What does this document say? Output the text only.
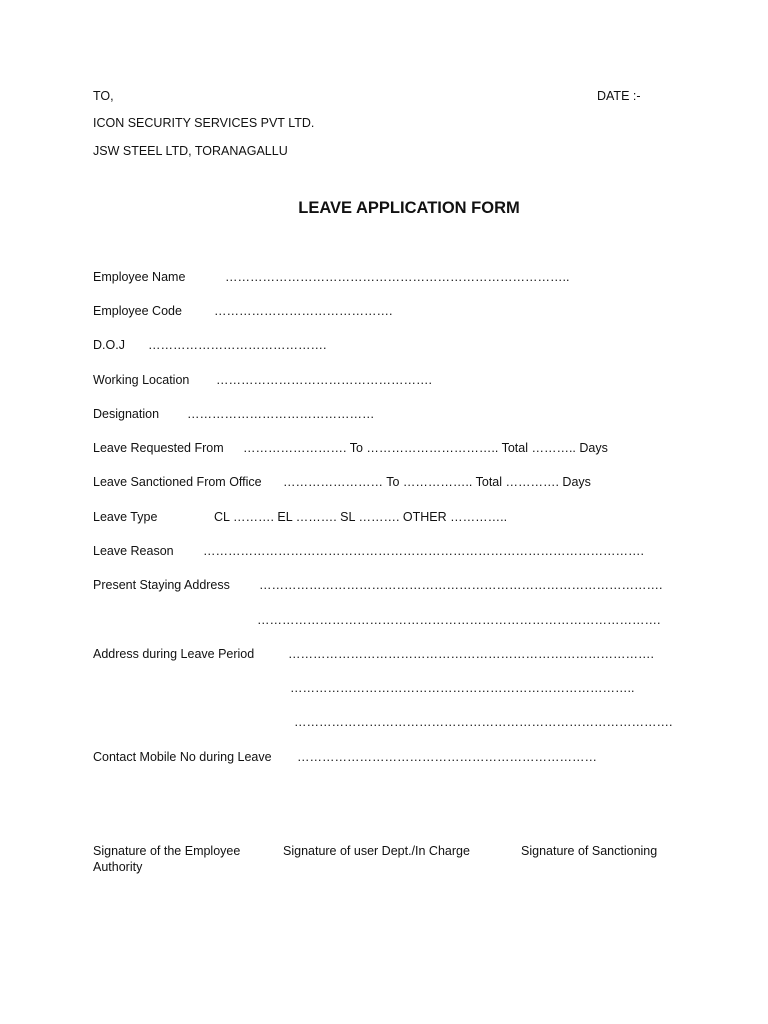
TO,	DATE :-
ICON SECURITY SERVICES PVT LTD.
JSW STEEL LTD, TORANAGALLU
LEAVE APPLICATION FORM
Employee Name	………………………………………………………………………..
Employee Code	…………………………………….
D.O.J …………………………………….
Working Location …………………………………………….
Designation ………………………………………
Leave Requested From ……………………. To ………………………….. Total ……….. Days
Leave Sanctioned From Office …………………… To …………….. Total …………. Days
Leave Type	CL ………. EL ………. SL ………. OTHER …………..
Leave Reason …………………………………………………………………………………………….
Present Staying Address …………………………………………………………………………………….
…………………………………………………………………………………….
Address during Leave Period	…………………………………………………………………………….
………………………………………………………………………..
……………………………………………………………………………….
Contact Mobile No during Leave ………………………………………………………………
Signature of the Employee	Signature of user Dept./In Charge	Signature of Sanctioning
Authority
